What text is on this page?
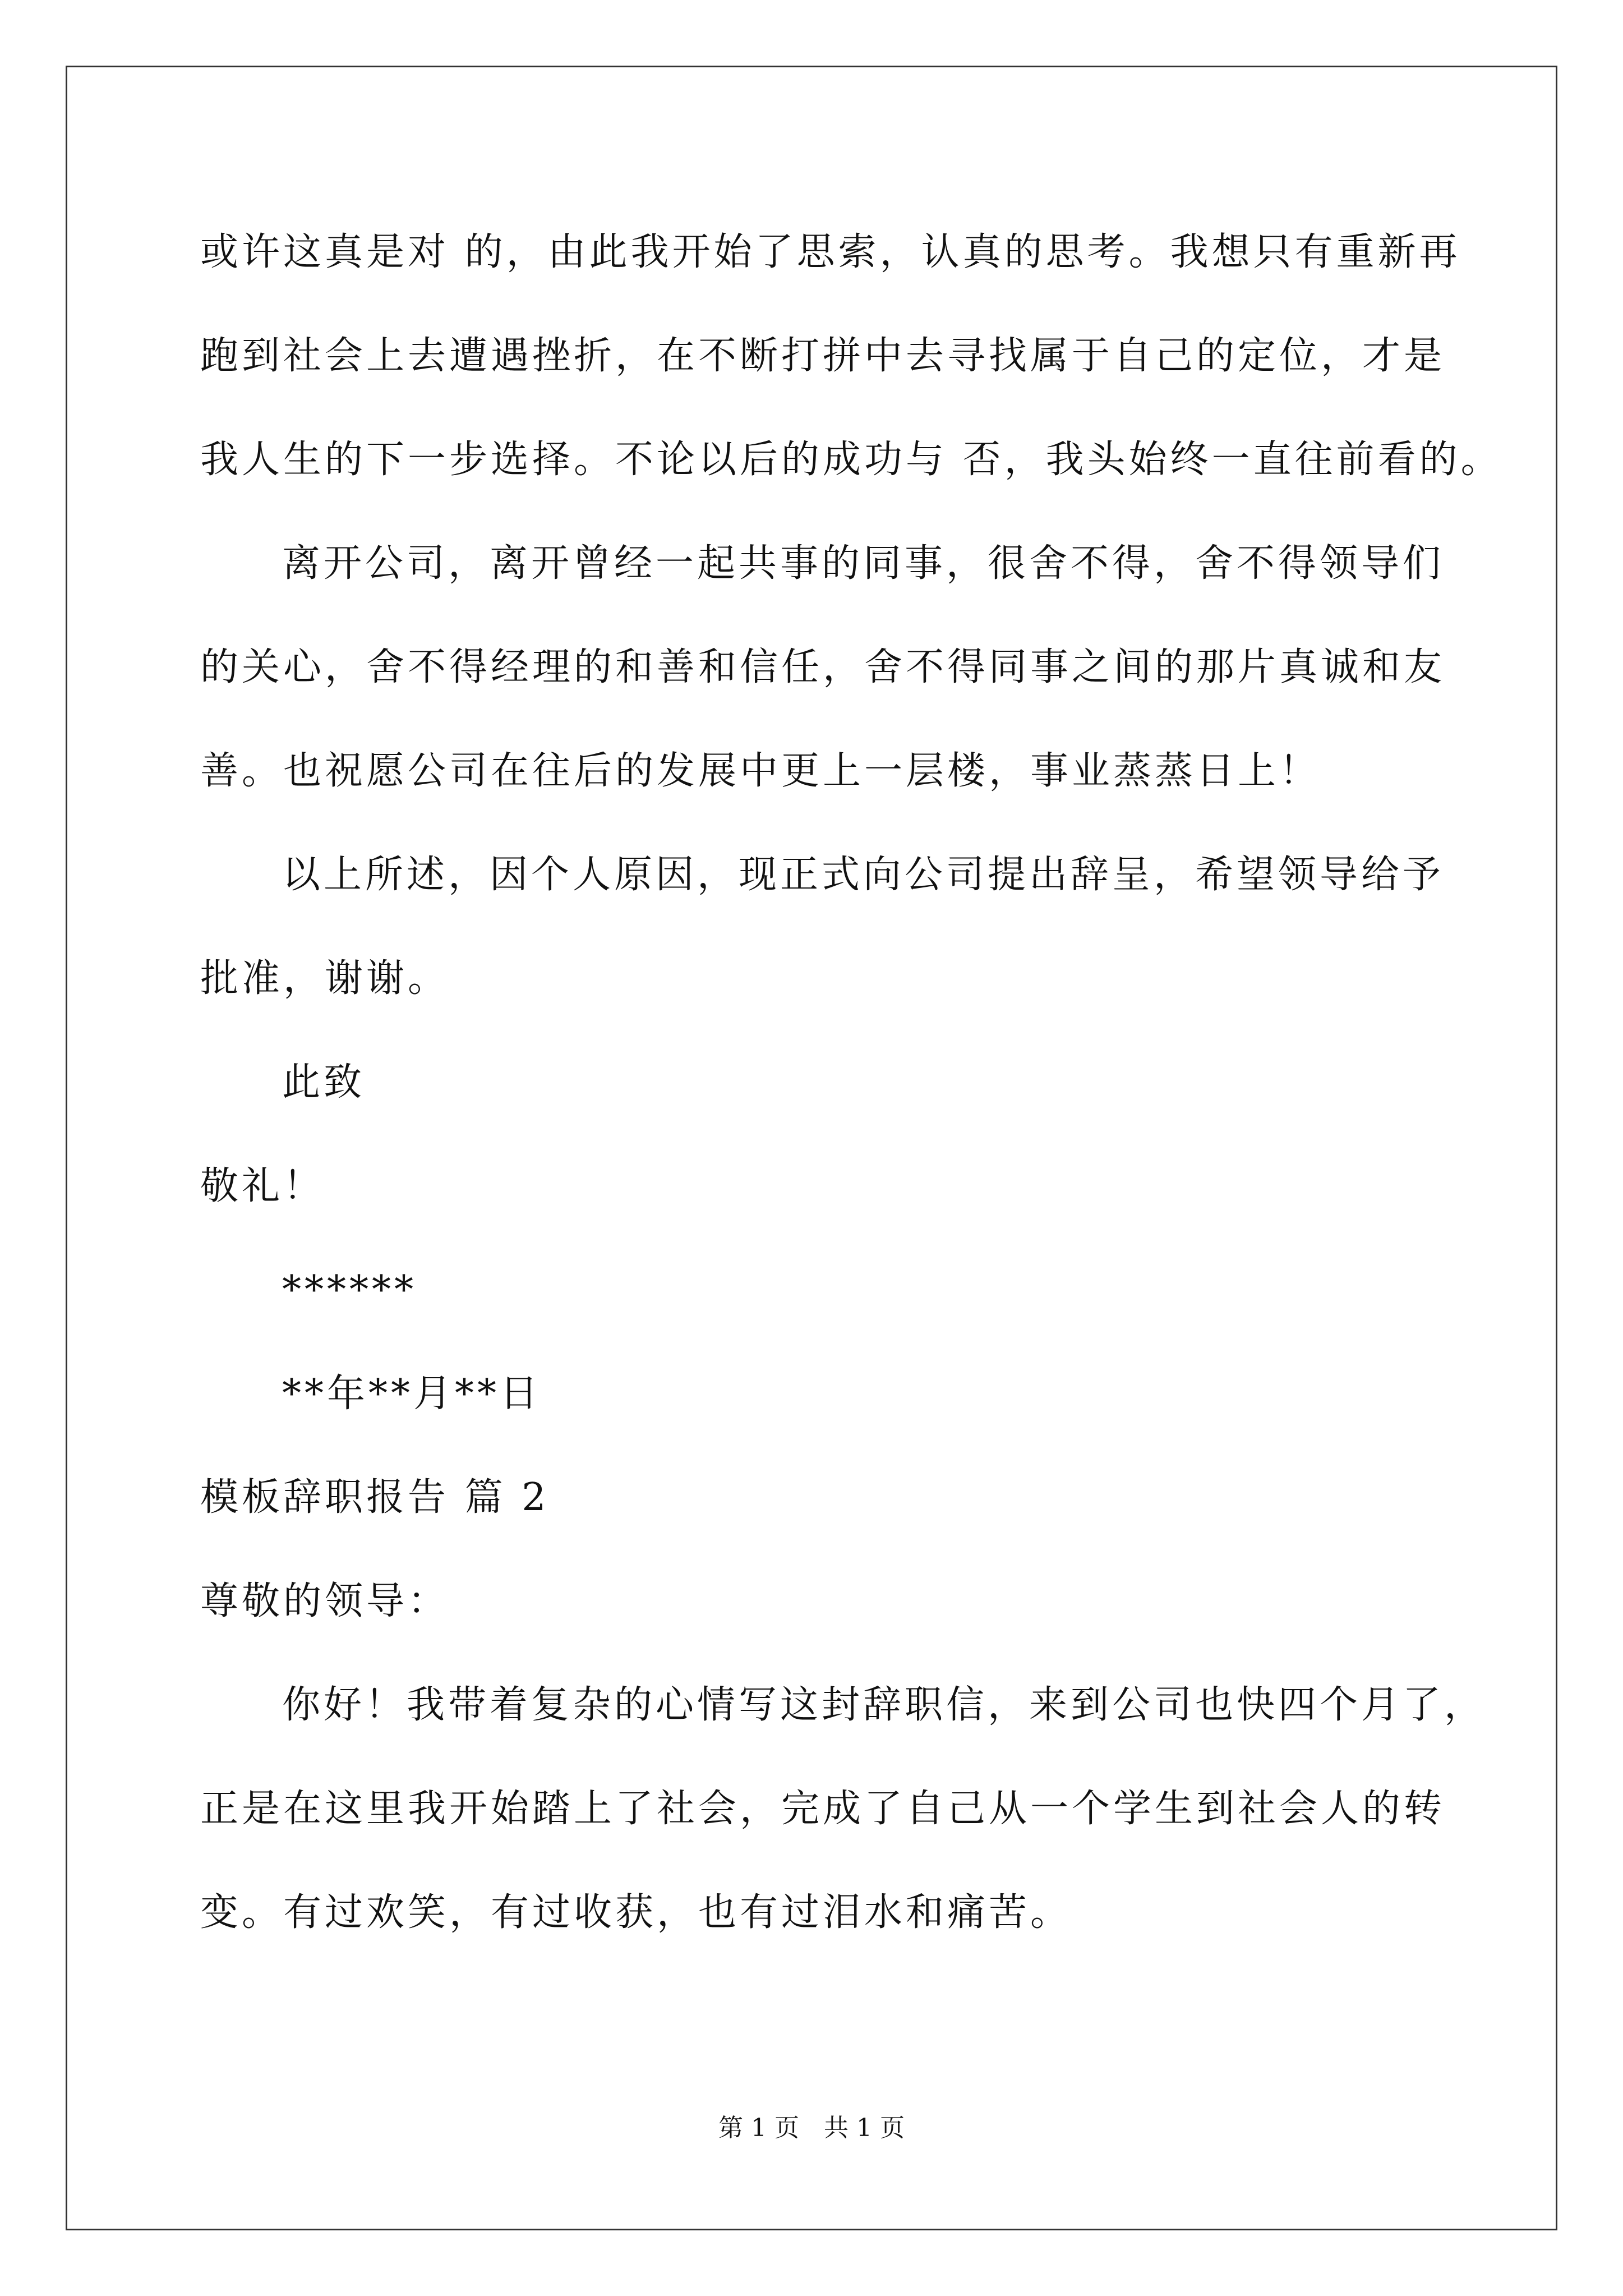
或许这真是对 的，由此我开始了思索，认真的思考。我想只有重新再
跑到社会上去遭遇挫折，在不断打拼中去寻找属于自己的定位，才是
我人生的下一步选择。不论以后的成功与 否，我头始终一直往前看的。
离开公司，离开曾经一起共事的同事，很舍不得，舍不得领导们
的关心，舍不得经理的和善和信任，舍不得同事之间的那片真诚和友
善。也祝愿公司在往后的发展中更上一层楼，事业蒸蒸日上！
以上所述，因个人原因，现正式向公司提出辞呈，希望领导给予
批准，谢谢。
此致
敬礼！
******
**年**月**日
模板辞职报告 篇 2
尊敬的领导：
你好！我带着复杂的心情写这封辞职信，来到公司也快四个月了，
正是在这里我开始踏上了社会，完成了自己从一个学生到社会人的转
变。有过欢笑，有过收获，也有过泪水和痛苦。
第 1 页　共 1 页
